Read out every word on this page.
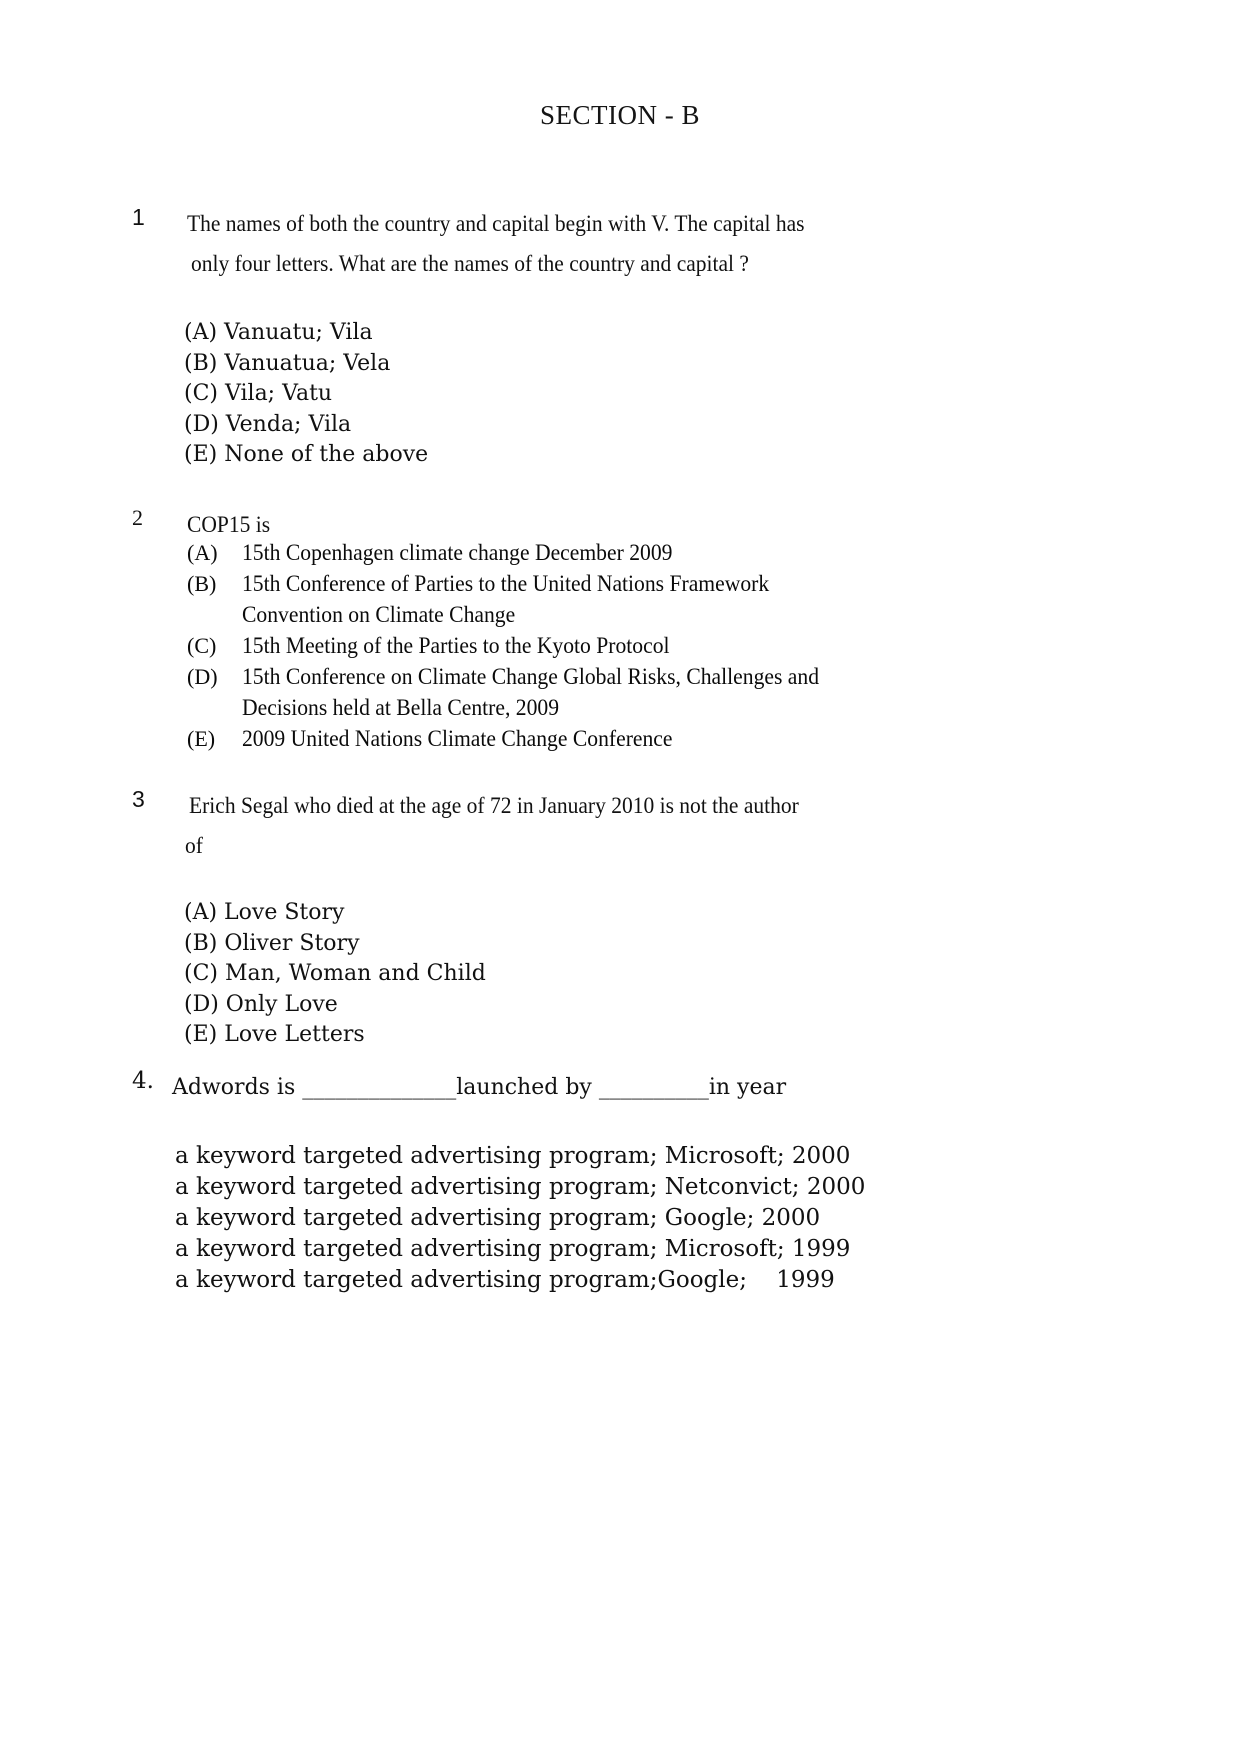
SECTION - B
1 The names of both the country and capital begin with V. The capital has
only four letters. What are the names of the country and capital ?
(A) Vanuatu; Vila
(B) Vanuatua; Vela
(C) Vila; Vatu
(D) Venda; Vila
(E) None of the above
2 COP15 is
(A) 15th Copenhagen climate change December 2009
(B) 15th Conference of Parties to the United Nations Framework
Convention on Climate Change
(C) 15th Meeting of the Parties to the Kyoto Protocol
(D) 15th Conference on Climate Change Global Risks, Challenges and
Decisions held at Bella Centre, 2009
(E) 2009 United Nations Climate Change Conference
3 Erich Segal who died at the age of 72 in January 2010 is not the author
of
(A) Love Story
(B) Oliver Story
(C) Man, Woman and Child
(D) Only Love
(E) Love Letters
4. Adwords is ______________launched by __________in year
a keyword targeted advertising program; Microsoft; 2000
a keyword targeted advertising program; Netconvict; 2000
a keyword targeted advertising program; Google; 2000
a keyword targeted advertising program; Microsoft; 1999
a keyword targeted advertising program;Google;    1999
